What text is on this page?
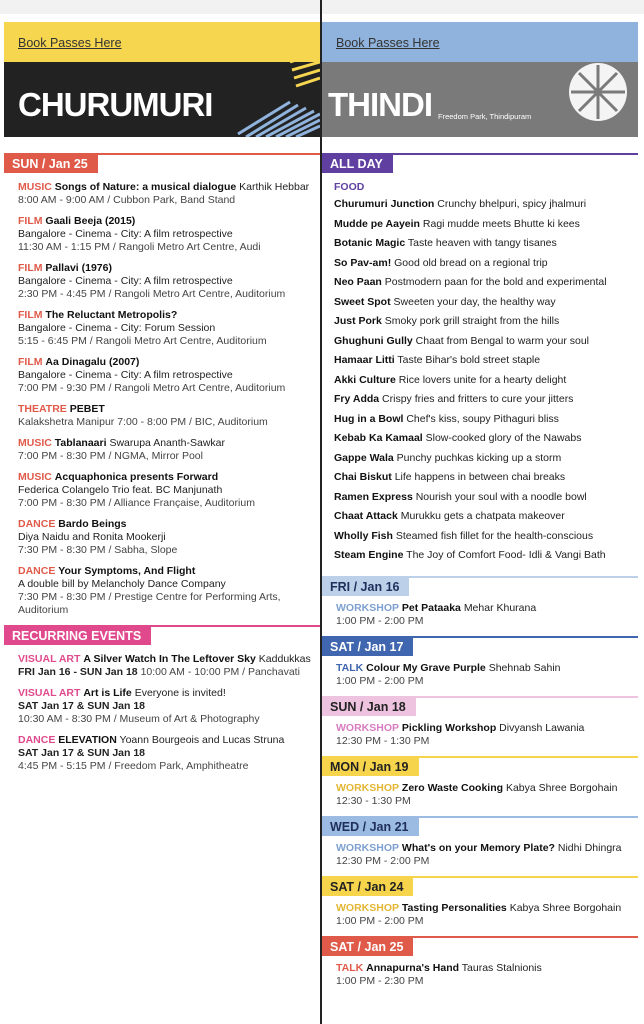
Book Passes Here
CHURUMURI
SUN / Jan 25
MUSIC Songs of Nature: a musical dialogue Karthik Hebbar
8:00 AM - 9:00 AM / Cubbon Park, Band Stand
FILM Gaali Beeja (2015)
Bangalore - Cinema - City: A film retrospective
11:30 AM - 1:15 PM / Rangoli Metro Art Centre, Audi
FILM Pallavi (1976)
Bangalore - Cinema - City: A film retrospective
2:30 PM - 4:45 PM / Rangoli Metro Art Centre, Auditorium
FILM The Reluctant Metropolis?
Bangalore - Cinema - City: Forum Session
5:15 - 6:45 PM / Rangoli Metro Art Centre, Auditorium
FILM Aa Dinagalu (2007)
Bangalore - Cinema - City: A film retrospective
7:00 PM - 9:30 PM / Rangoli Metro Art Centre, Auditorium
THEATRE PEBET
Kalakshetra Manipur 7:00 - 8:00 PM / BIC, Auditorium
MUSIC Tablanaari Swarupa Ananth-Sawkar
7:00 PM - 8:30 PM / NGMA, Mirror Pool
MUSIC Acquaphonica presents Forward
Federica Colangelo Trio feat. BC Manjunath
7:00 PM - 8:30 PM / Alliance Française, Auditorium
DANCE Bardo Beings
Diya Naidu and Ronita Mookerji
7:30 PM - 8:30 PM / Sabha, Slope
DANCE Your Symptoms, And Flight
A double bill by Melancholy Dance Company
7:30 PM - 8:30 PM / Prestige Centre for Performing Arts,
Auditorium
RECURRING EVENTS
VISUAL ART A Silver Watch In The Leftover Sky Kaddukkas
FRI Jan 16 - SUN Jan 18 10:00 AM - 10:00 PM / Panchavati
VISUAL ART Art is Life Everyone is invited!
SAT Jan 17 & SUN Jan 18
10:30 AM - 8:30 PM / Museum of Art & Photography
DANCE ELEVATION Yoann Bourgeois and Lucas Struna
SAT Jan 17 & SUN Jan 18
4:45 PM - 5:15 PM / Freedom Park, Amphitheatre
Book Passes Here
THINDI Freedom Park, Thindipuram
ALL DAY
FOOD
Churumuri Junction Crunchy bhelpuri, spicy jhalmuri
Mudde pe Aayein Ragi mudde meets Bhutte ki kees
Botanic Magic Taste heaven with tangy tisanes
So Pav-am! Good old bread on a regional trip
Neo Paan Postmodern paan for the bold and experimental
Sweet Spot Sweeten your day, the healthy way
Just Pork Smoky pork grill straight from the hills
Ghughuni Gully Chaat from Bengal to warm your soul
Hamaar Litti Taste Bihar's bold street staple
Akki Culture Rice lovers unite for a hearty delight
Fry Adda Crispy fries and fritters to cure your jitters
Hug in a Bowl Chef's kiss, soupy Pithaguri bliss
Kebab Ka Kamaal Slow-cooked glory of the Nawabs
Gappe Wala Punchy puchkas kicking up a storm
Chai Biskut Life happens in between chai breaks
Ramen Express Nourish your soul with a noodle bowl
Chaat Attack Murukku gets a chatpata makeover
Wholly Fish Steamed fish fillet for the health-conscious
Steam Engine The Joy of Comfort Food- Idli & Vangi Bath
FRI / Jan 16
WORKSHOP Pet Pataaka Mehar Khurana
1:00 PM - 2:00 PM
SAT / Jan 17
TALK Colour My Grave Purple Shehnab Sahin
1:00 PM - 2:00 PM
SUN / Jan 18
WORKSHOP Pickling Workshop Divyansh Lawania
12:30 PM - 1:30 PM
MON / Jan 19
WORKSHOP Zero Waste Cooking Kabya Shree Borgohain
12:30 - 1:30 PM
WED / Jan 21
WORKSHOP What's on your Memory Plate? Nidhi Dhingra
12:30 PM - 2:00 PM
SAT / Jan 24
WORKSHOP Tasting Personalities Kabya Shree Borgohain
1:00 PM - 2:00 PM
SAT / Jan 25
TALK Annapurna's Hand Tauras Stalnionis
1:00 PM - 2:30 PM
